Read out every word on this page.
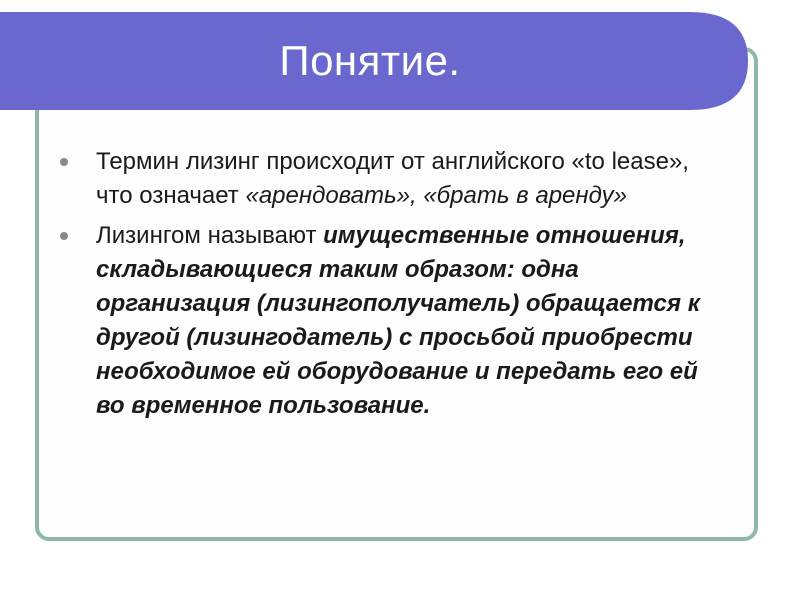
Понятие.
Термин лизинг происходит от английского «to lease», что означает «арендовать», «брать в аренду»
Лизингом называют имущественные отношения, складывающиеся таким образом: одна организация (лизингополучатель) обращается к другой (лизингодатель) с просьбой приобрести необходимое ей оборудование и передать его ей во временное пользование.
